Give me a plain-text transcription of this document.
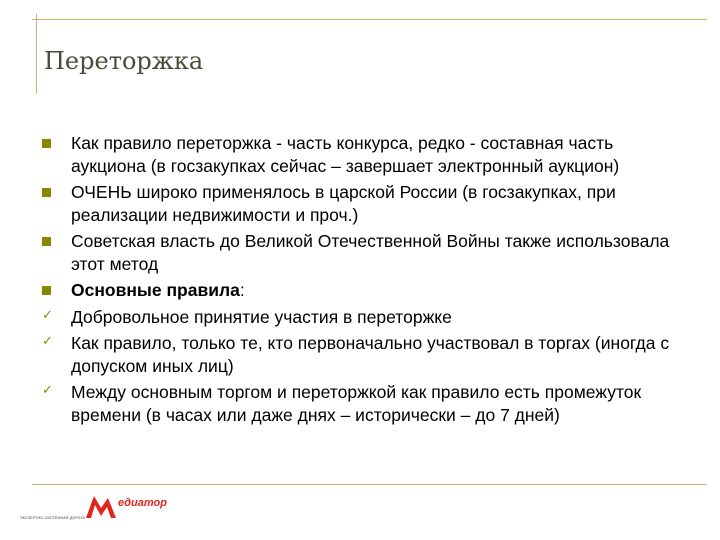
Переторжка
Как правило переторжка - часть конкурса, редко - составная часть аукциона (в госзакупках сейчас – завершает электронный аукцион)
ОЧЕНЬ широко применялось в царской России (в госзакупках, при реализации недвижимости и проч.)
Советская власть до Великой Отечественной Войны также использовала этот метод
Основные правила:
✓ Добровольное принятие участия в переторжке
✓ Как правило, только те, кто первоначально участвовал в торгах (иногда с допуском иных лиц)
✓ Между основным торгом и переторжкой как правило есть промежуток времени (в часах или даже днях – исторически – до 7 дней)
едиатор
ЭКСПЕРТНО-СИСТЕМНАЯ ДОРОГА
